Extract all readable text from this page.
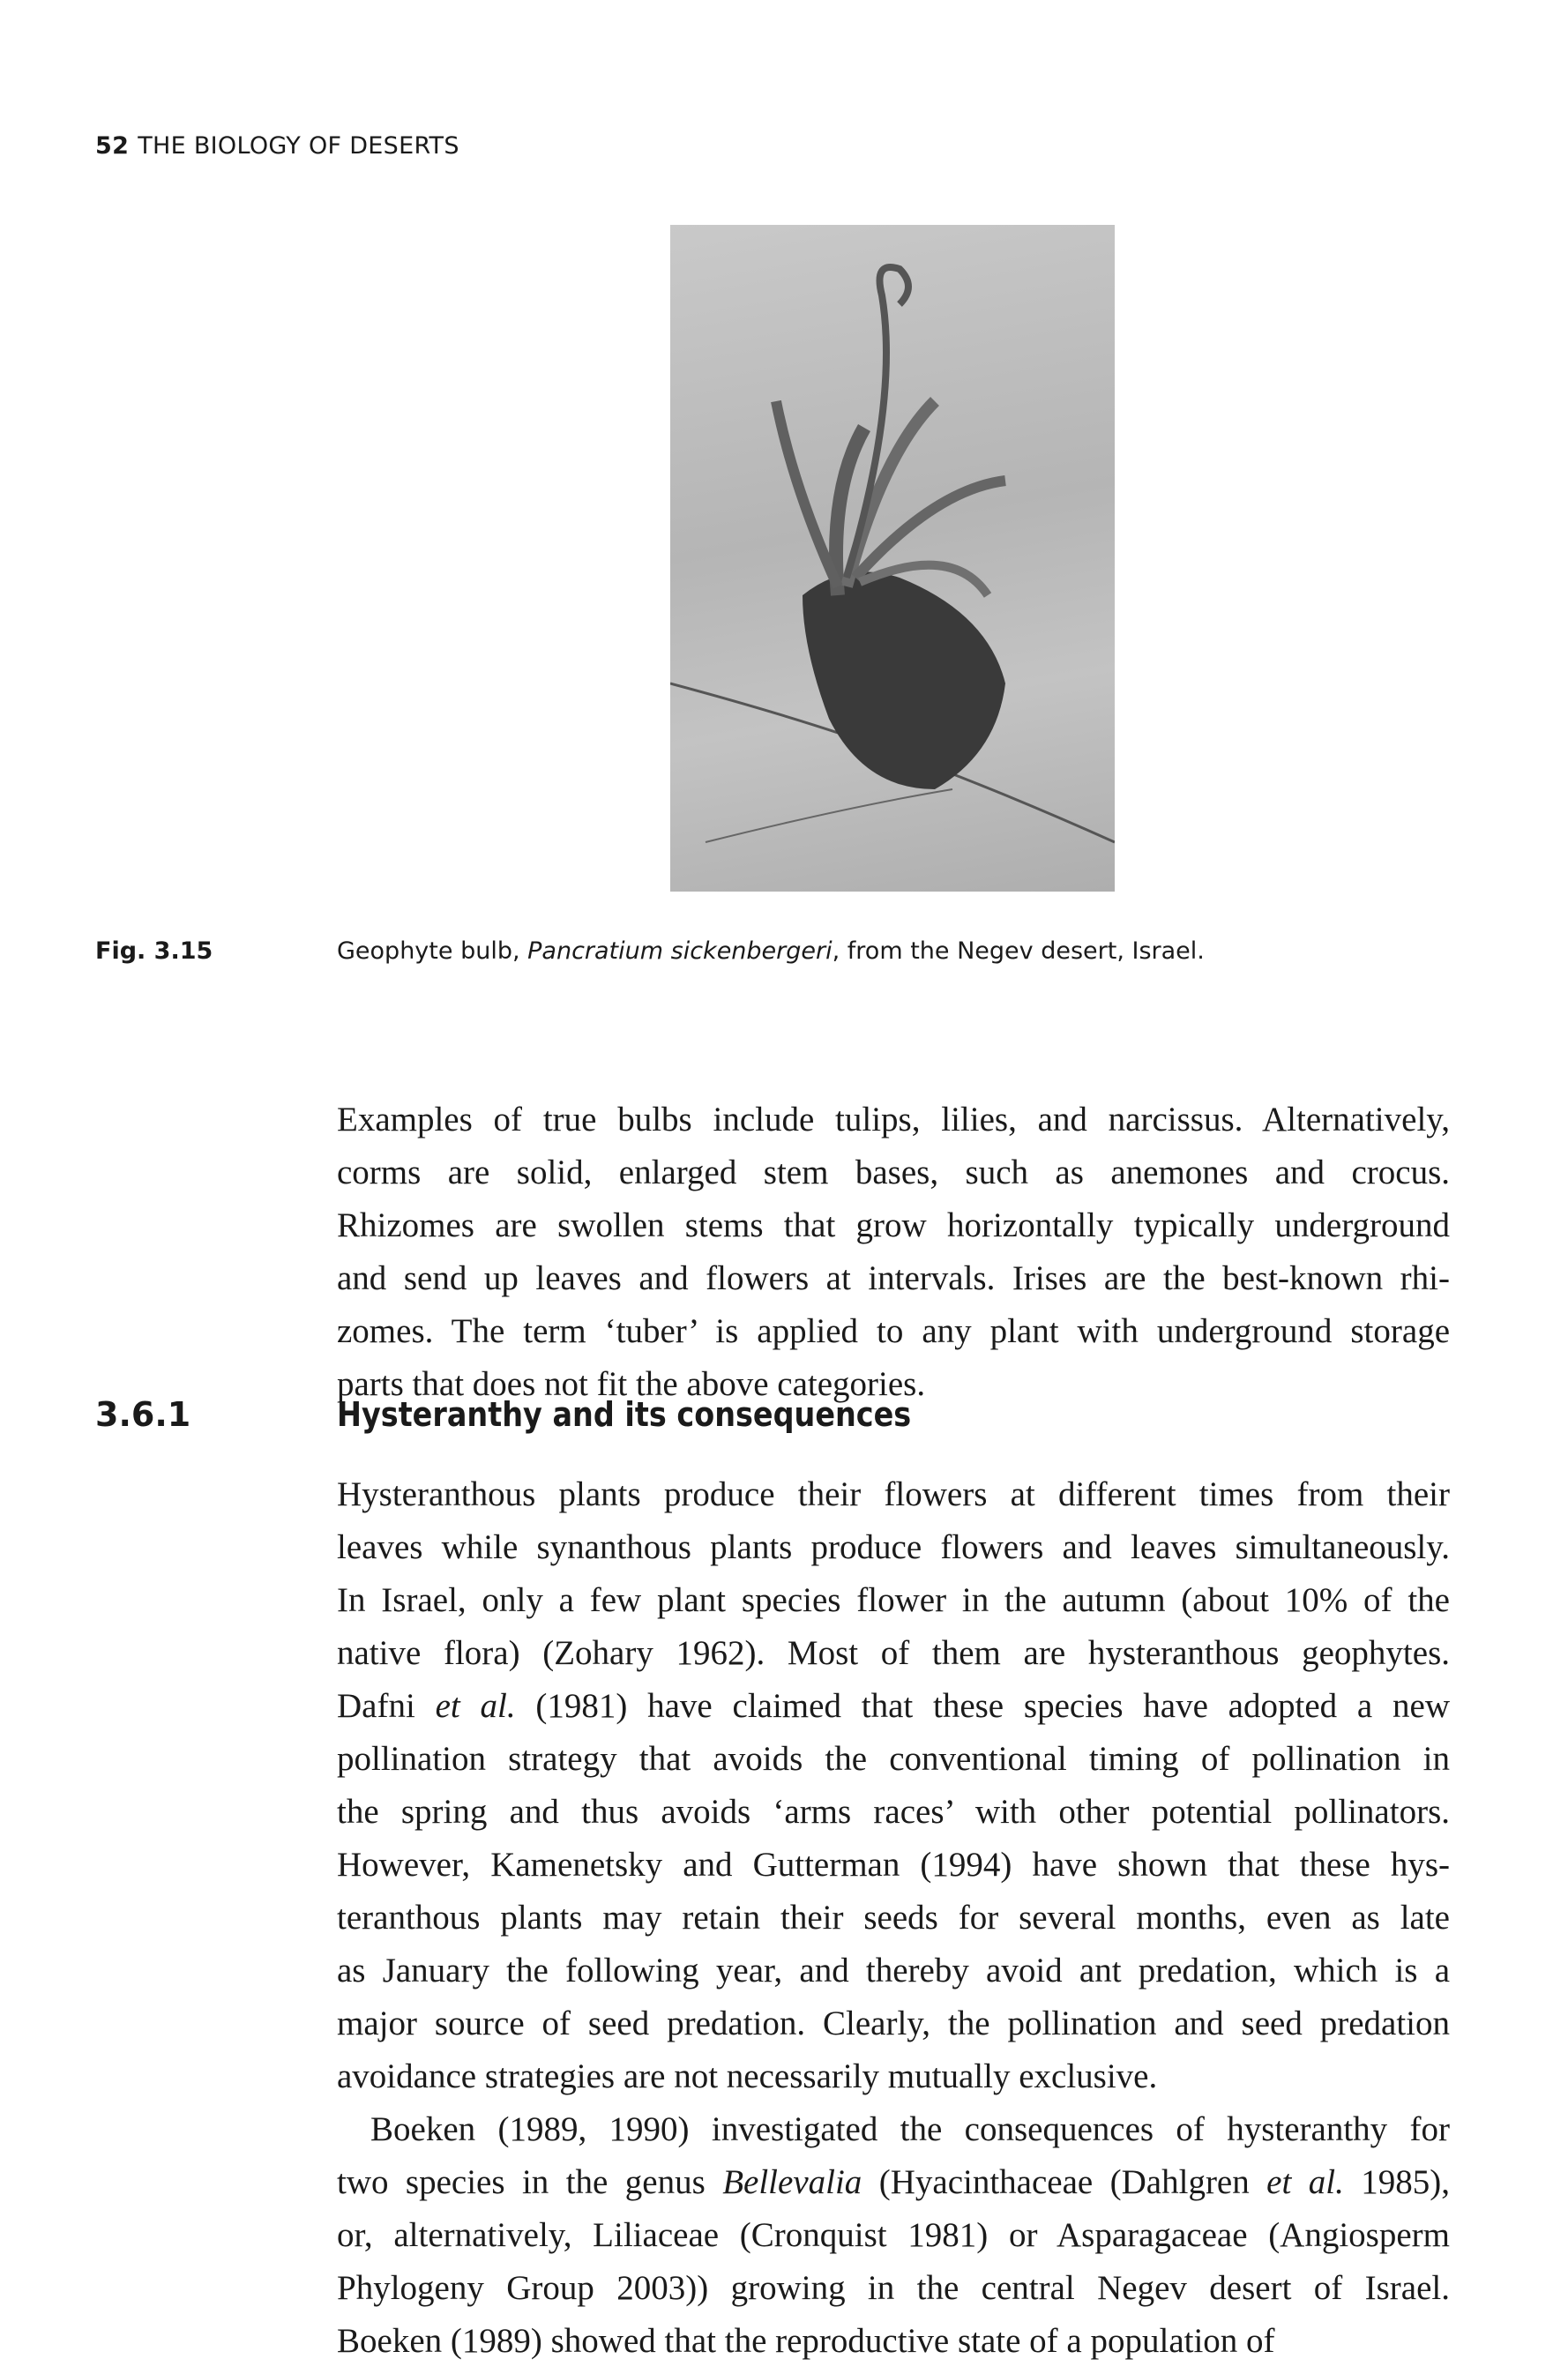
52 THE BIOLOGY OF DESERTS
Fig. 3.15	Geophyte bulb, Pancratium sickenbergeri, from the Negev desert, Israel.
Examples of true bulbs include tulips, lilies, and narcissus. Alternatively,
corms are solid, enlarged stem bases, such as anemones and crocus.
Rhizomes are swollen stems that grow horizontally typically underground
and send up leaves and flowers at intervals. Irises are the best-known rhi-
zomes. The term ‘tuber’ is applied to any plant with underground storage
parts that does not fit the above categories.
3.6.1	Hysteranthy and its consequences
Hysteranthous plants produce their flowers at different times from their
leaves while synanthous plants produce flowers and leaves simultaneously.
In Israel, only a few plant species flower in the autumn (about 10% of the
native flora) (Zohary 1962). Most of them are hysteranthous geophytes.
Dafni et al. (1981) have claimed that these species have adopted a new
pollination strategy that avoids the conventional timing of pollination in
the spring and thus avoids ‘arms races’ with other potential pollinators.
However, Kamenetsky and Gutterman (1994) have shown that these hys-
teranthous plants may retain their seeds for several months, even as late
as January the following year, and thereby avoid ant predation, which is a
major source of seed predation. Clearly, the pollination and seed predation
avoidance strategies are not necessarily mutually exclusive.
Boeken (1989, 1990) investigated the consequences of hysteranthy for
two species in the genus Bellevalia (Hyacinthaceae (Dahlgren et al. 1985),
or, alternatively, Liliaceae (Cronquist 1981) or Asparagaceae (Angiosperm
Phylogeny Group 2003)) growing in the central Negev desert of Israel.
Boeken (1989) showed that the reproductive state of a population of
